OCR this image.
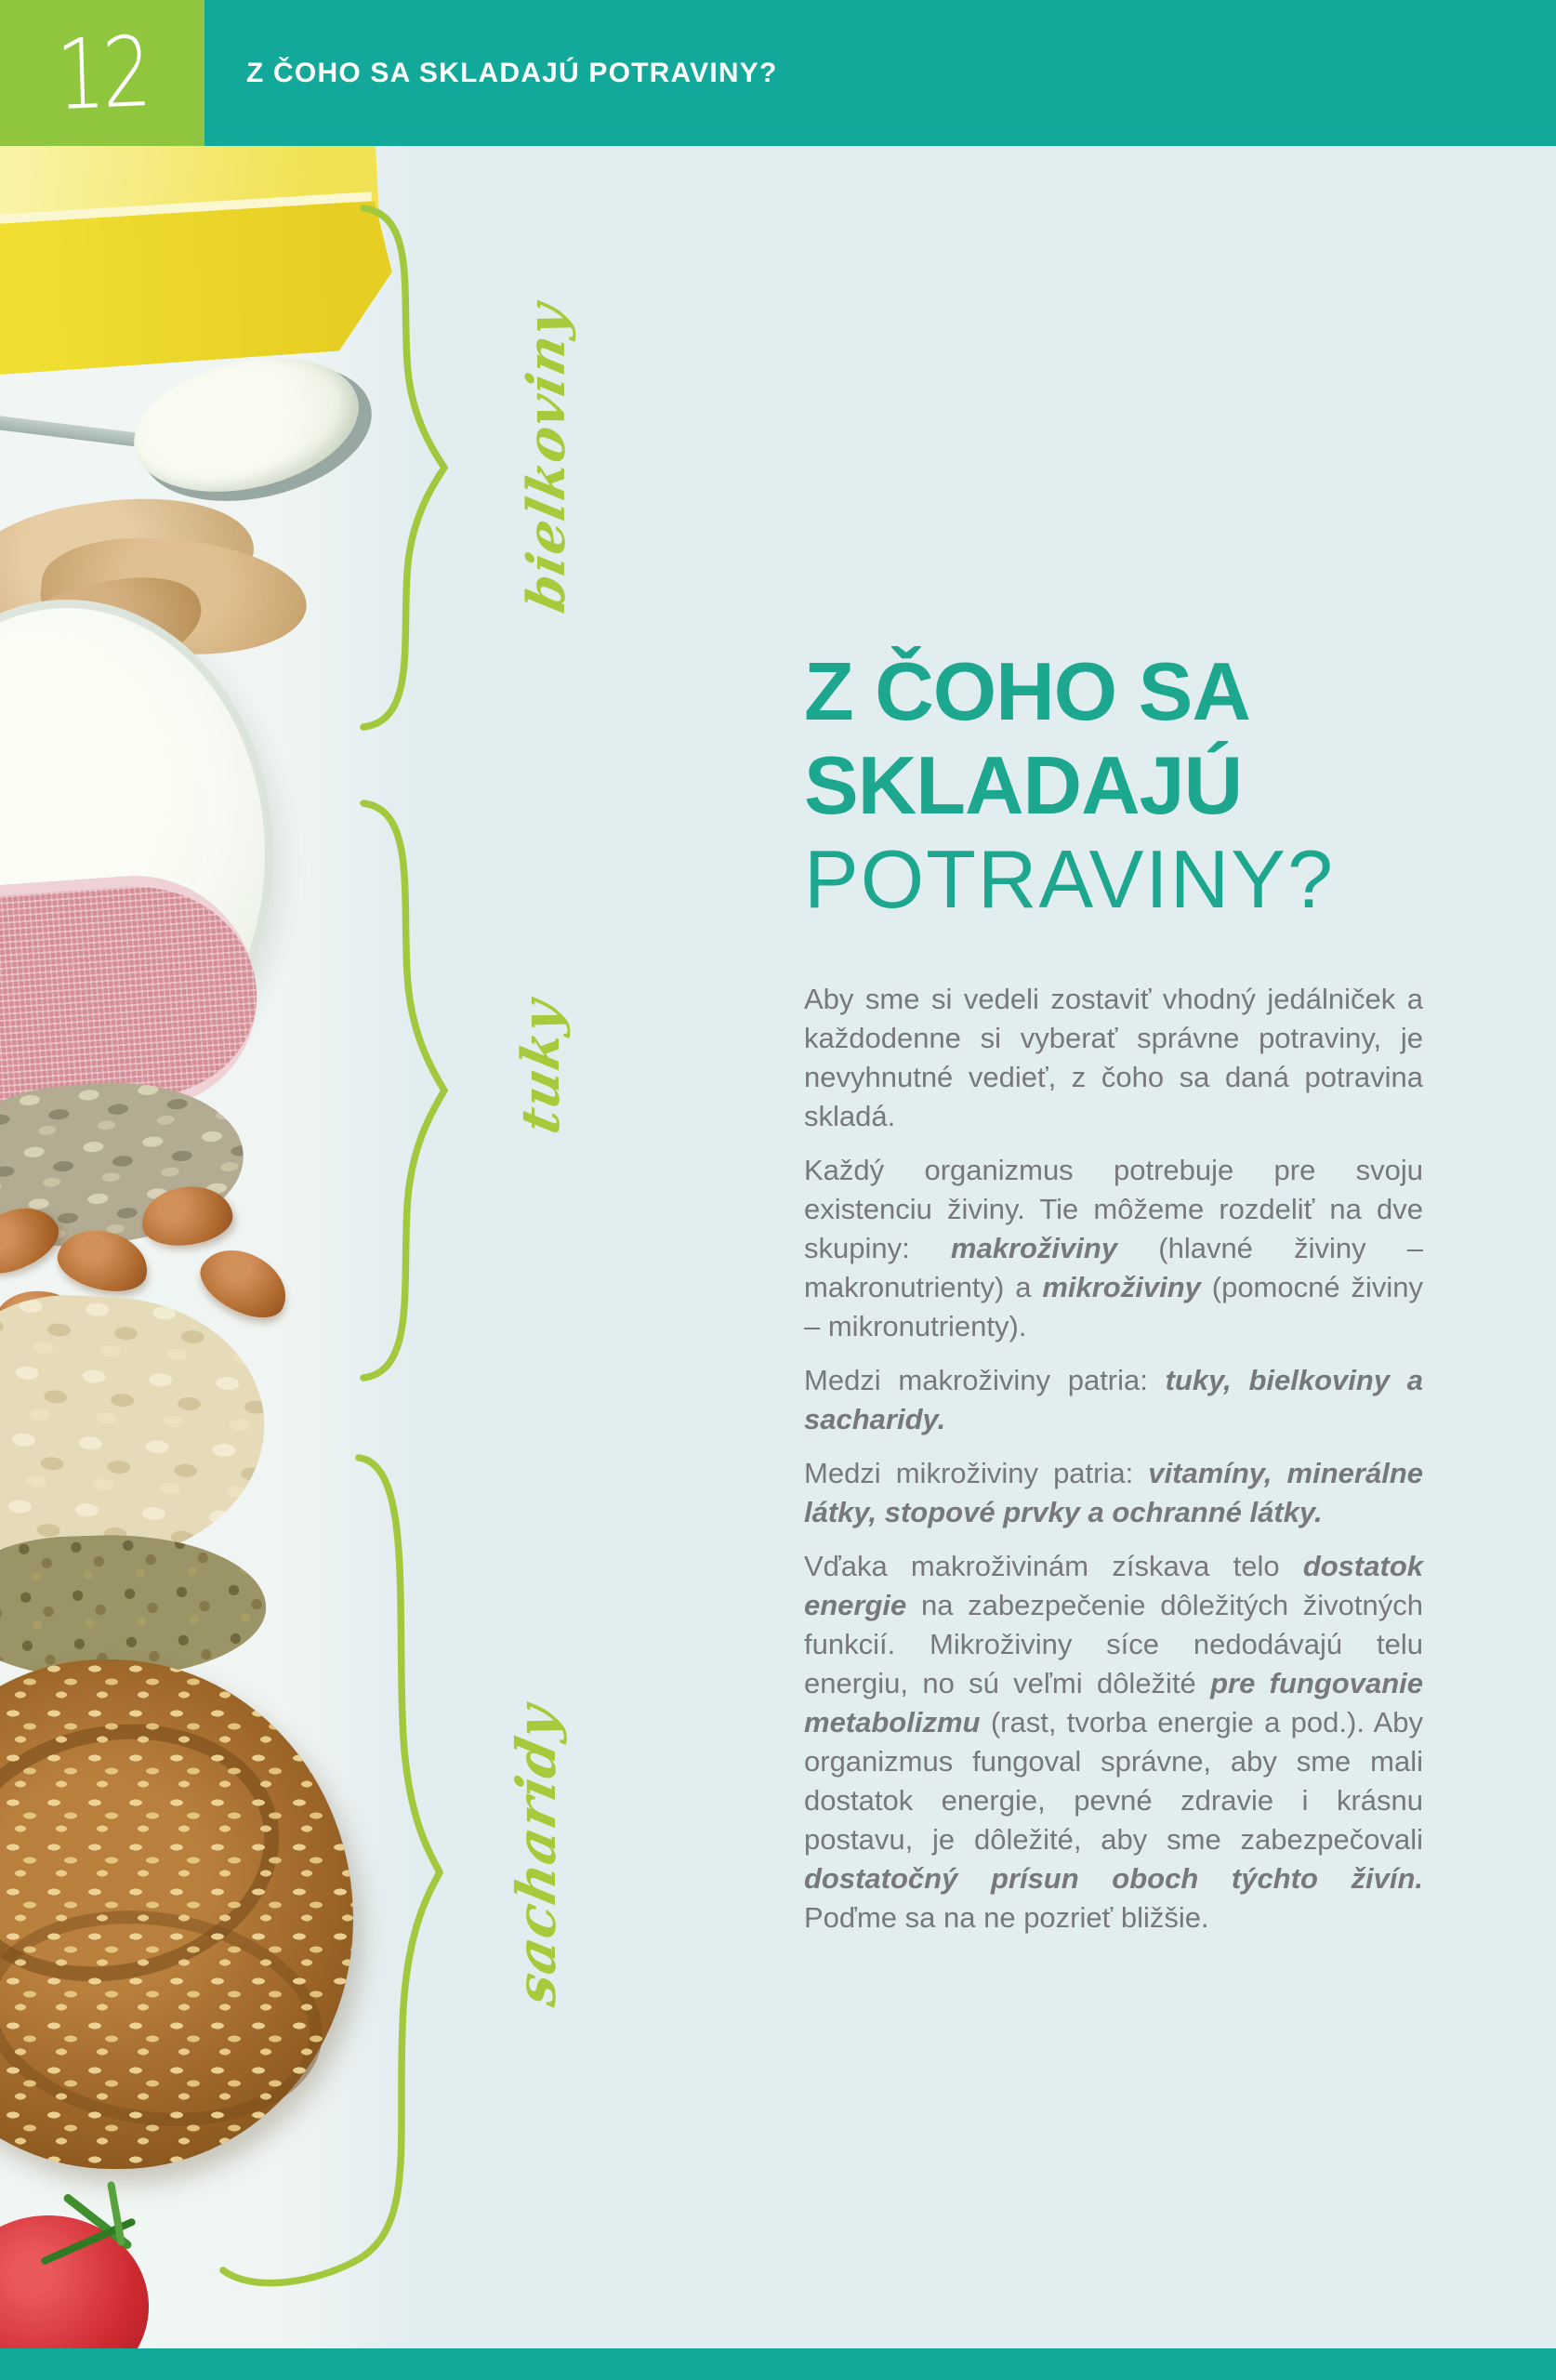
12	Z ČOHO SA SKLADAJÚ POTRAVINY?
bielkoviny
tuky
sacharidy
Z ČOHO SA
SKLADAJÚ
POTRAVINY?

Aby sme si vedeli zostaviť vhodný jedálniček a každodenne si vyberať správne potraviny, je nevyhnutné vedieť, z čoho sa daná potravina skladá.

Každý organizmus potrebuje pre svoju existenciu živiny. Tie môžeme rozdeliť na dve skupiny: makroživiny (hlavné živiny – makronutrienty) a mikroživiny (pomocné živiny – mikronutrienty).

Medzi makroživiny patria: tuky, bielkoviny a sacharidy.

Medzi mikroživiny patria: vitamíny, minerálne látky, stopové prvky a ochranné látky.

Vďaka makroživinám získava telo dostatok energie na zabezpečenie dôležitých životných funkcií. Mikroživiny síce nedodávajú telu energiu, no sú veľmi dôležité pre fungovanie metabolizmu (rast, tvorba energie a pod.). Aby organizmus fungoval správne, aby sme mali dostatok energie, pevné zdravie i krásnu postavu, je dôležité, aby sme zabezpečovali dostatočný prísun oboch týchto živín. Poďme sa na ne pozrieť bližšie.
